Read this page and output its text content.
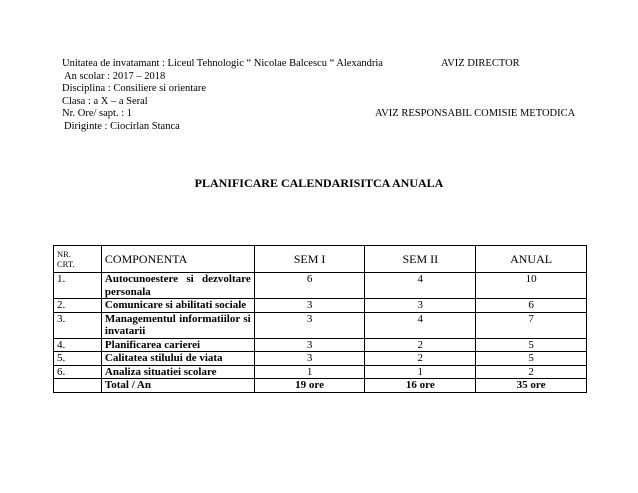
Unitatea de invatamant : Liceul Tehnologic “ Nicolae Balcescu “ Alexandria
An scolar : 2017 – 2018
Disciplina : Consiliere si orientare
Clasa : a X – a Seral
Nr. Ore/ sapt. : 1
Diriginte : Ciocirlan Stanca
AVIZ DIRECTOR
AVIZ RESPONSABIL COMISIE METODICA
PLANIFICARE CALENDARISITCA ANUALA
NR.
CRT.	COMPONENTA	SEM I	SEM II	ANUAL
1.	Autocunoestere si dezvoltare personala	6	4	10
2.	Comunicare si abilitati sociale	3	3	6
3.	Managementul informatiilor si invatarii	3	4	7
4.	Planificarea carierei	3	2	5
5.	Calitatea stilului de viata	3	2	5
6.	Analiza situatiei scolare	1	1	2
	Total / An	19 ore	16 ore	35 ore
